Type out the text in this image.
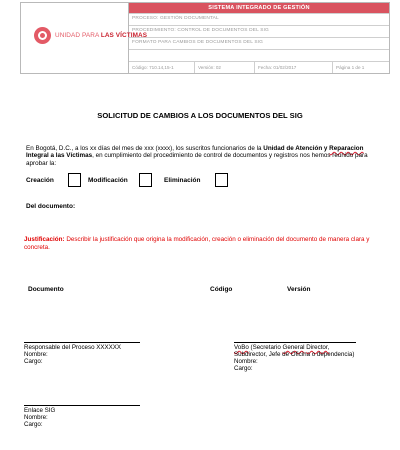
UNIDAD PARA LAS VÍCTIMAS
SISTEMA INTEGRADO DE GESTIÓN
PROCESO: GESTIÓN DOCUMENTAL
PROCEDIMIENTO: CONTROL DE DOCUMENTOS DEL SIG
FORMATO PARA CAMBIOS DE DOCUMENTOS DEL SIG
Código: 710.14,15-1	Versión: 02	Fecha: 01/02/2017	Página 1 de 1
SOLICITUD DE CAMBIOS A LOS DOCUMENTOS DEL SIG
En Bogotá, D.C., a los xx días del mes de xxx (xxxx), los suscritos funcionarios de la Unidad de Atención y Reparacion Integral a las Víctimas, en cumplimiento del procedimiento de control de documentos y registros nos hemos reunido para aprobar la:
Creación	Modificación	Eliminación
Del documento:
Justificación: Describir la justificación que origina la modificación, creación o eliminación del documento de manera clara y concreta.
Documento	Código	Versión
Responsable del Proceso XXXXXX
Nombre:
Cargo:
VoBo (Secretario General Director, Subdirector, Jefe de Oficina o dependencia)
Nombre:
Cargo:
Enlace SIG
Nombre:
Cargo:
